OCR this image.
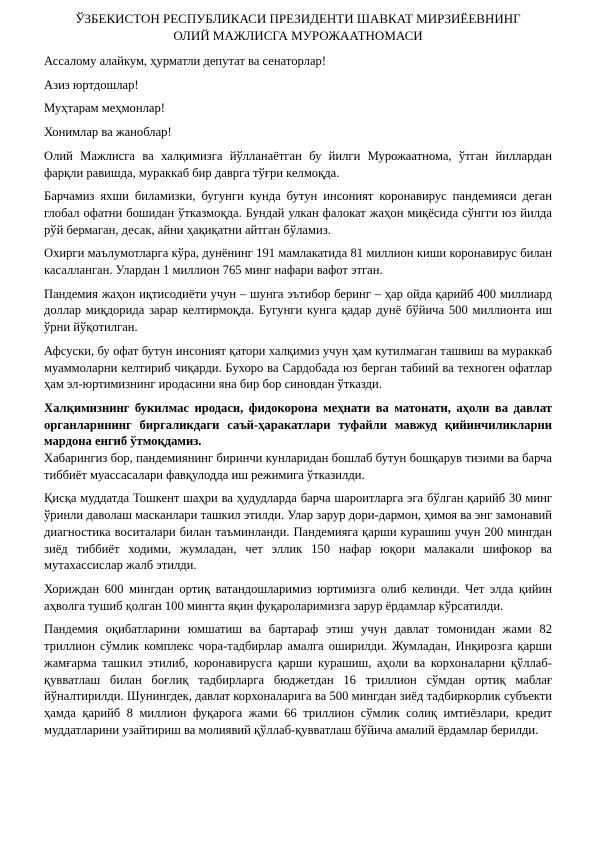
ЎЗБЕКИСТОН РЕСПУБЛИКАСИ ПРЕЗИДЕНТИ ШАВКАТ МИРЗИЁЕВНИНГ
ОЛИЙ МАЖЛИСГА МУРОЖААТНОМАСИ

Ассалому алайкум, ҳурматли депутат ва сенаторлар!

Азиз юртдошлар!

Муҳтарам меҳмонлар!

Хонимлар ва жаноблар!

Олий Мажлисга ва халқимизга йўлланаётган бу йилги Мурожаатнома, ўтган йиллардан фарқли равишда, мураккаб бир даврга тўғри келмоқда.

Барчамиз яхши биламизки, бугунги кунда бутун инсоният коронавирус пандемияси деган глобал офатни бошидан ўтказмоқда. Бундай улкан фалокат жаҳон миқёсида сўнгги юз йилда рўй бермаган, десак, айни ҳақиқатни айтган бўламиз.

Охирги маълумотларга кўра, дунёнинг 191 мамлакатида 81 миллион киши коронавирус билан касалланган. Улардан 1 миллион 765 минг нафари вафот этган.

Пандемия жаҳон иқтисодиёти учун – шунга эътибор беринг – ҳар ойда қарийб 400 миллиард доллар миқдорида зарар келтирмоқда. Бугунги кунга қадар дунё бўйича 500 миллионта иш ўрни йўқотилган.

Афсуски, бу офат бутун инсоният қатори халқимиз учун ҳам кутилмаган ташвиш ва мураккаб муаммоларни келтириб чиқарди. Бухоро ва Сардобада юз берган табиий ва техноген офатлар ҳам эл-юртимизнинг иродасини яна бир бор синовдан ўтказди.

Халқимизнинг букилмас иродаси, фидокорона меҳнати ва матонати, аҳоли ва давлат органларининг биргаликдаги саъй-ҳаракатлари туфайли мавжуд қийинчиликларни мардона енгиб ўтмоқдамиз.

Хабарингиз бор, пандемиянинг биринчи кунларидан бошлаб бутун бошқарув тизими ва барча тиббиёт муассасалари фавқулодда иш режимига ўтказилди.

Қисқа муддатда Тошкент шаҳри ва ҳудудларда барча шароитларга эга бўлган қарийб 30 минг ўринли даволаш масканлари ташкил этилди. Улар зарур дори-дармон, ҳимоя ва энг замонавий диагностика воситалари билан таъминланди. Пандемияга қарши курашиш учун 200 мингдан зиёд тиббиёт ходими, жумладан, чет эллик 150 нафар юқори малакали шифокор ва мутахассислар жалб этилди.

Хориждан 600 мингдан ортиқ ватандошларимиз юртимизга олиб келинди. Чет элда қийин аҳволга тушиб қолган 100 мингта яқин фуқароларимизга зарур ёрдамлар кўрсатилди.

Пандемия оқибатларини юмшатиш ва бартараф этиш учун давлат томонидан жами 82 триллион сўмлик комплекс чора-тадбирлар амалга оширилди. Жумладан, Инқирозга қарши жамғарма ташкил этилиб, коронавирусга қарши курашиш, аҳоли ва корхоналарни қўллаб-қувватлаш билан боғлиқ тадбирларга бюджетдан 16 триллион сўмдан ортиқ маблағ йўналтирилди. Шунингдек, давлат корхоналарига ва 500 мингдан зиёд тадбиркорлик субъекти ҳамда қарийб 8 миллион фуқарога жами 66 триллион сўмлик солиқ имтиёзлари, кредит муддатларини узайтириш ва молиявий қўллаб-қувватлаш бўйича амалий ёрдамлар берилди.
